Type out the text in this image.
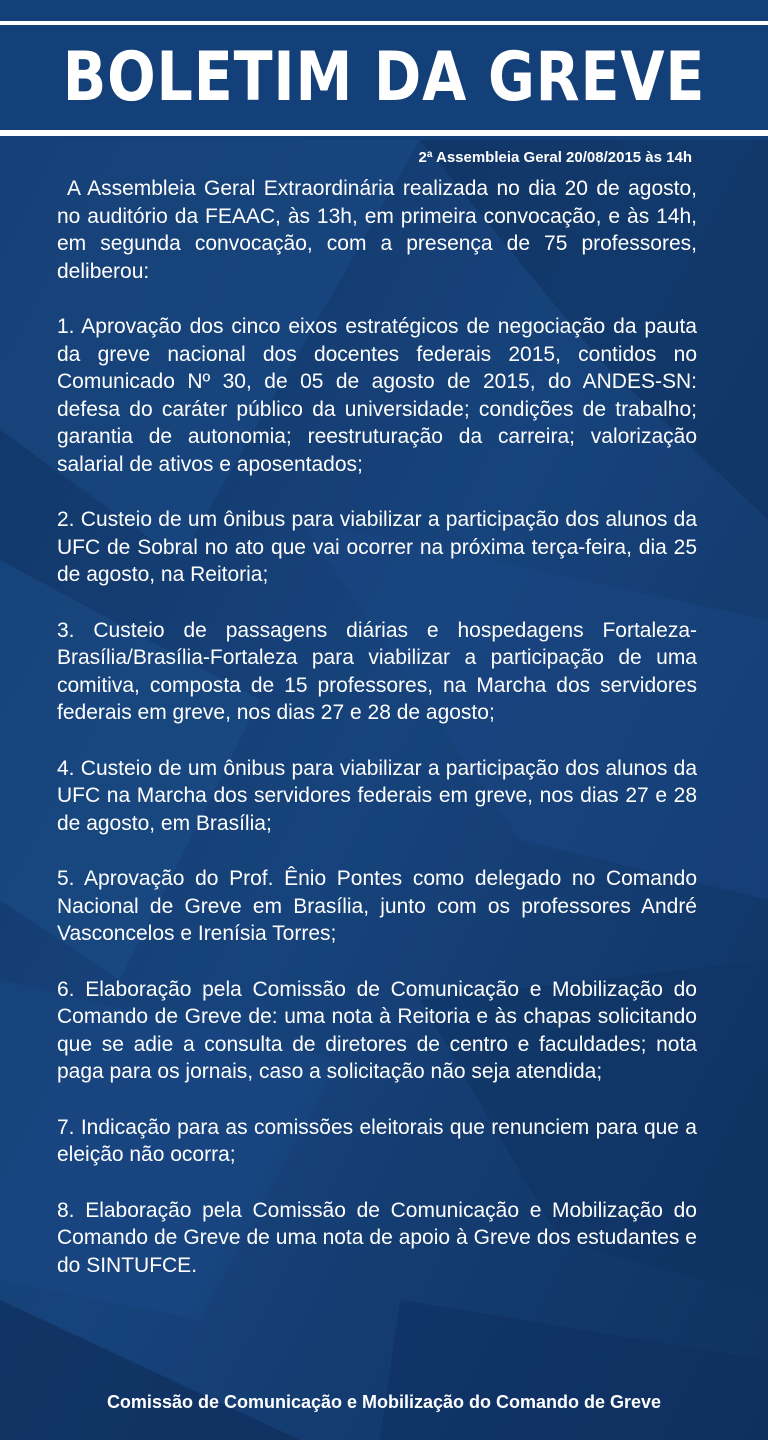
BOLETIM DA GREVE
2$^a$ Assembleia Geral 20/08/2015 às 14h

A Assembleia Geral Extraordinária realizada no dia 20 de agosto, no auditório da FEAAC, às 13h, em primeira convocação, e às 14h, em segunda convocação, com a presença de 75 professores, deliberou:

1. Aprovação dos cinco eixos estratégicos de negociação da pauta da greve nacional dos docentes federais 2015, contidos no Comunicado Nº 30, de 05 de agosto de 2015, do ANDES-SN: defesa do caráter público da universidade; condições de trabalho; garantia de autonomia; reestruturação da carreira; valorização salarial de ativos e aposentados;

2. Custeio de um ônibus para viabilizar a participação dos alunos da UFC de Sobral no ato que vai ocorrer na próxima terça-feira, dia 25 de agosto, na Reitoria;

3. Custeio de passagens diárias e hospedagens Fortaleza-Brasília/Brasília-Fortaleza para viabilizar a participação de uma comitiva, composta de 15 professores, na Marcha dos servidores federais em greve, nos dias 27 e 28 de agosto;

4. Custeio de um ônibus para viabilizar a participação dos alunos da UFC na Marcha dos servidores federais em greve, nos dias 27 e 28 de agosto, em Brasília;

5. Aprovação do Prof. Ênio Pontes como delegado no Comando Nacional de Greve em Brasília, junto com os professores André Vasconcelos e Irenísia Torres;

6. Elaboração pela Comissão de Comunicação e Mobilização do Comando de Greve de: uma nota à Reitoria e às chapas solicitando que se adie a consulta de diretores de centro e faculdades; nota paga para os jornais, caso a solicitação não seja atendida;

7. Indicação para as comissões eleitorais que renunciem para que a eleição não ocorra;

8. Elaboração pela Comissão de Comunicação e Mobilização do Comando de Greve de uma nota de apoio à Greve dos estudantes e do SINTUFCE.

Comissão de Comunicação e Mobilização do Comando de Greve
